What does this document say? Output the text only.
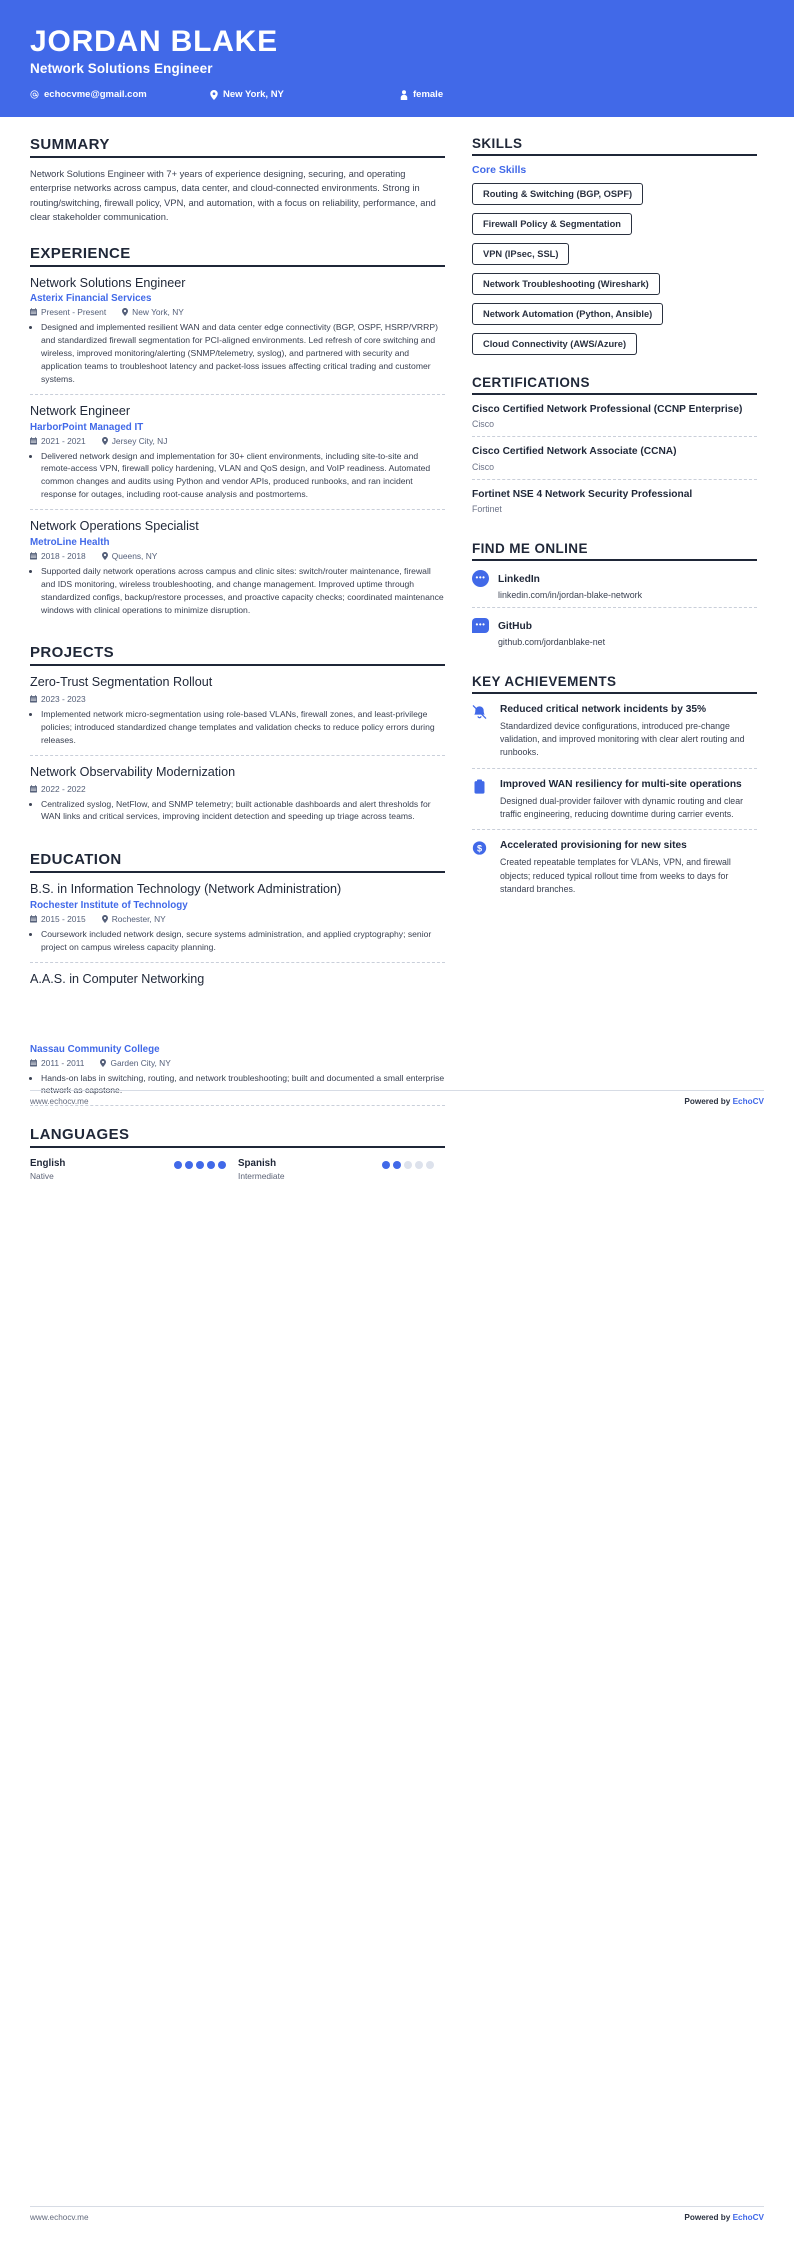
JORDAN BLAKE
Network Solutions Engineer
echocvme@gmail.com	New York, NY	female
SUMMARY
Network Solutions Engineer with 7+ years of experience designing, securing, and operating enterprise networks across campus, data center, and cloud-connected environments. Strong in routing/switching, firewall policy, VPN, and automation, with a focus on reliability, performance, and clear stakeholder communication.
EXPERIENCE
Network Solutions Engineer
Asterix Financial Services
Present - Present	New York, NY
• Designed and implemented resilient WAN and data center edge connectivity (BGP, OSPF, HSRP/VRRP) and standardized firewall segmentation for PCI-aligned environments. Led refresh of core switching and wireless, improved monitoring/alerting (SNMP/telemetry, syslog), and partnered with security and application teams to troubleshoot latency and packet-loss issues affecting critical trading and customer systems.
Network Engineer
HarborPoint Managed IT
2021 - 2021	Jersey City, NJ
• Delivered network design and implementation for 30+ client environments, including site-to-site and remote-access VPN, firewall policy hardening, VLAN and QoS design, and VoIP readiness. Automated common changes and audits using Python and vendor APIs, produced runbooks, and ran incident response for outages, including root-cause analysis and postmortems.
Network Operations Specialist
MetroLine Health
2018 - 2018	Queens, NY
• Supported daily network operations across campus and clinic sites: switch/router maintenance, firewall and IDS monitoring, wireless troubleshooting, and change management. Improved uptime through standardized configs, backup/restore processes, and proactive capacity checks; coordinated maintenance windows with clinical operations to minimize disruption.
PROJECTS
Zero-Trust Segmentation Rollout
2023 - 2023
• Implemented network micro-segmentation using role-based VLANs, firewall zones, and least-privilege policies; introduced standardized change templates and validation checks to reduce policy errors during releases.
Network Observability Modernization
2022 - 2022
• Centralized syslog, NetFlow, and SNMP telemetry; built actionable dashboards and alert thresholds for WAN links and critical services, improving incident detection and speeding up triage across teams.
EDUCATION
B.S. in Information Technology (Network Administration)
Rochester Institute of Technology
2015 - 2015	Rochester, NY
• Coursework included network design, secure systems administration, and applied cryptography; senior project on campus wireless capacity planning.
A.A.S. in Computer Networking
SKILLS
Core Skills
Routing & Switching (BGP, OSPF)
Firewall Policy & Segmentation
VPN (IPsec, SSL)
Network Troubleshooting (Wireshark)
Network Automation (Python, Ansible)
Cloud Connectivity (AWS/Azure)
CERTIFICATIONS
Cisco Certified Network Professional (CCNP Enterprise)
Cisco
Cisco Certified Network Associate (CCNA)
Cisco
Fortinet NSE 4 Network Security Professional
Fortinet
FIND ME ONLINE
••• LinkedIn
linkedin.com/in/jordan-blake-network
••• GitHub
github.com/jordanblake-net
KEY ACHIEVEMENTS
Reduced critical network incidents by 35%
Standardized device configurations, introduced pre-change validation, and improved monitoring with clear alert routing and runbooks.
Improved WAN resiliency for multi-site operations
Designed dual-provider failover with dynamic routing and clear traffic engineering, reducing downtime during carrier events.
$ Accelerated provisioning for new sites
Created repeatable templates for VLANs, VPN, and firewall objects; reduced typical rollout time from weeks to days for standard branches.
www.echocv.me	Powered by EchoCV
Nassau Community College
2011 - 2011	Garden City, NY
• Hands-on labs in switching, routing, and network troubleshooting; built and documented a small enterprise network as capstone.
LANGUAGES
English
Native
Spanish
Intermediate
www.echocv.me	Powered by EchoCV
